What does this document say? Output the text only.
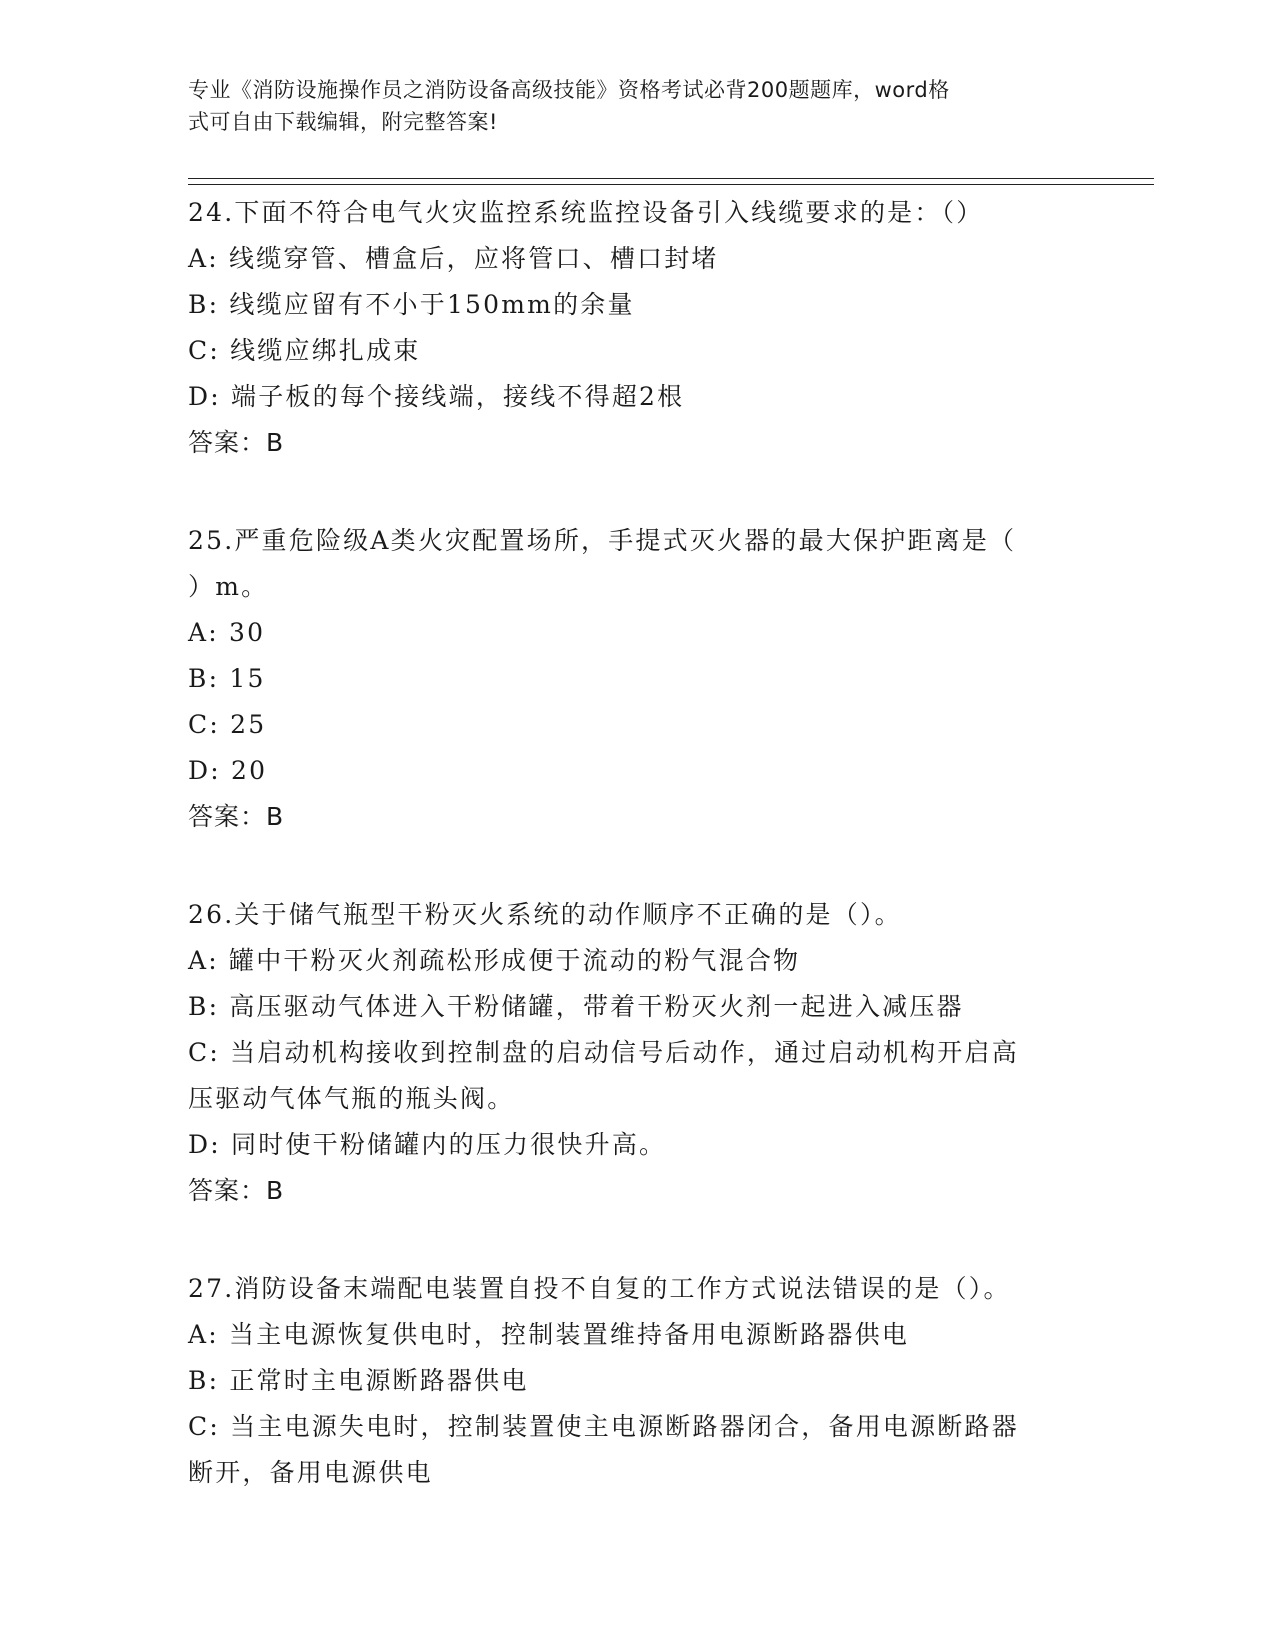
专业《消防设施操作员之消防设备高级技能》资格考试必背200题题库，word格
式可自由下载编辑，附完整答案!
24.下面不符合电气火灾监控系统监控设备引入线缆要求的是：（）
A: 线缆穿管、槽盒后，应将管口、槽口封堵
B: 线缆应留有不小于150mm的余量
C: 线缆应绑扎成束
D: 端子板的每个接线端，接线不得超2根
答案：B
25.严重危险级A类火灾配置场所，手提式灭火器的最大保护距离是（
）m。
A: 30
B: 15
C: 25
D: 20
答案：B
26.关于储气瓶型干粉灭火系统的动作顺序不正确的是（）。
A: 罐中干粉灭火剂疏松形成便于流动的粉气混合物
B: 高压驱动气体进入干粉储罐，带着干粉灭火剂一起进入减压器
C: 当启动机构接收到控制盘的启动信号后动作，通过启动机构开启高
压驱动气体气瓶的瓶头阀。
D: 同时使干粉储罐内的压力很快升高。
答案：B
27.消防设备末端配电装置自投不自复的工作方式说法错误的是（）。
A: 当主电源恢复供电时，控制装置维持备用电源断路器供电
B: 正常时主电源断路器供电
C: 当主电源失电时，控制装置使主电源断路器闭合，备用电源断路器
断开，备用电源供电
